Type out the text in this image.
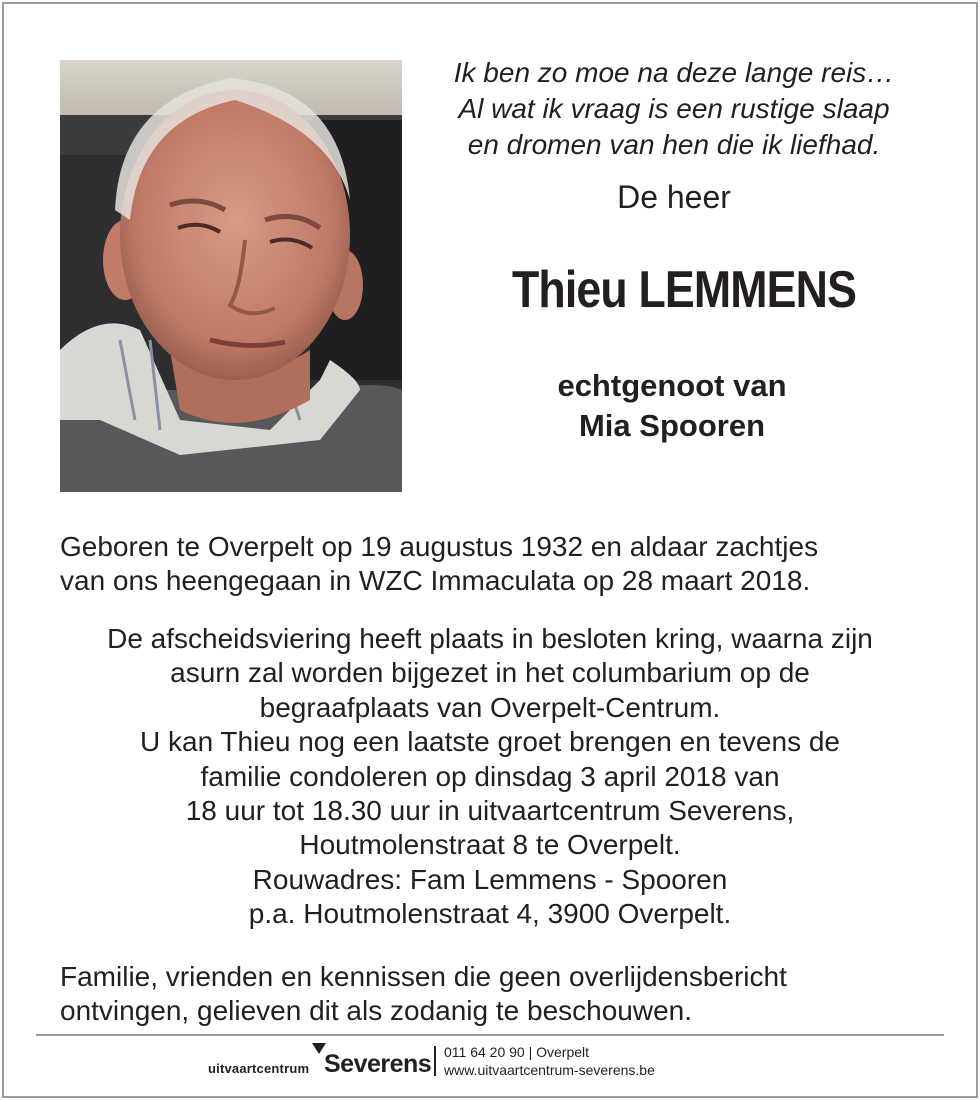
Ik ben zo moe na deze lange reis…
Al wat ik vraag is een rustige slaap
en dromen van hen die ik liefhad.
De heer
Thieu LEMMENS
echtgenoot van
Mia Spooren
Geboren te Overpelt op 19 augustus 1932 en aldaar zachtjes
van ons heengegaan in WZC Immaculata op 28 maart 2018.
De afscheidsviering heeft plaats in besloten kring, waarna zijn
asurn zal worden bijgezet in het columbarium op de
begraafplaats van Overpelt-Centrum.
U kan Thieu nog een laatste groet brengen en tevens de
familie condoleren op dinsdag 3 april 2018 van
18 uur tot 18.30 uur in uitvaartcentrum Severens,
Houtmolenstraat 8 te Overpelt.
Rouwadres: Fam Lemmens - Spooren
p.a. Houtmolenstraat 4, 3900 Overpelt.
Familie, vrienden en kennissen die geen overlijdensbericht
ontvingen, gelieven dit als zodanig te beschouwen.
uitvaartcentrum Severens 011 64 20 90 | Overpelt
www.uitvaartcentrum-severens.be
